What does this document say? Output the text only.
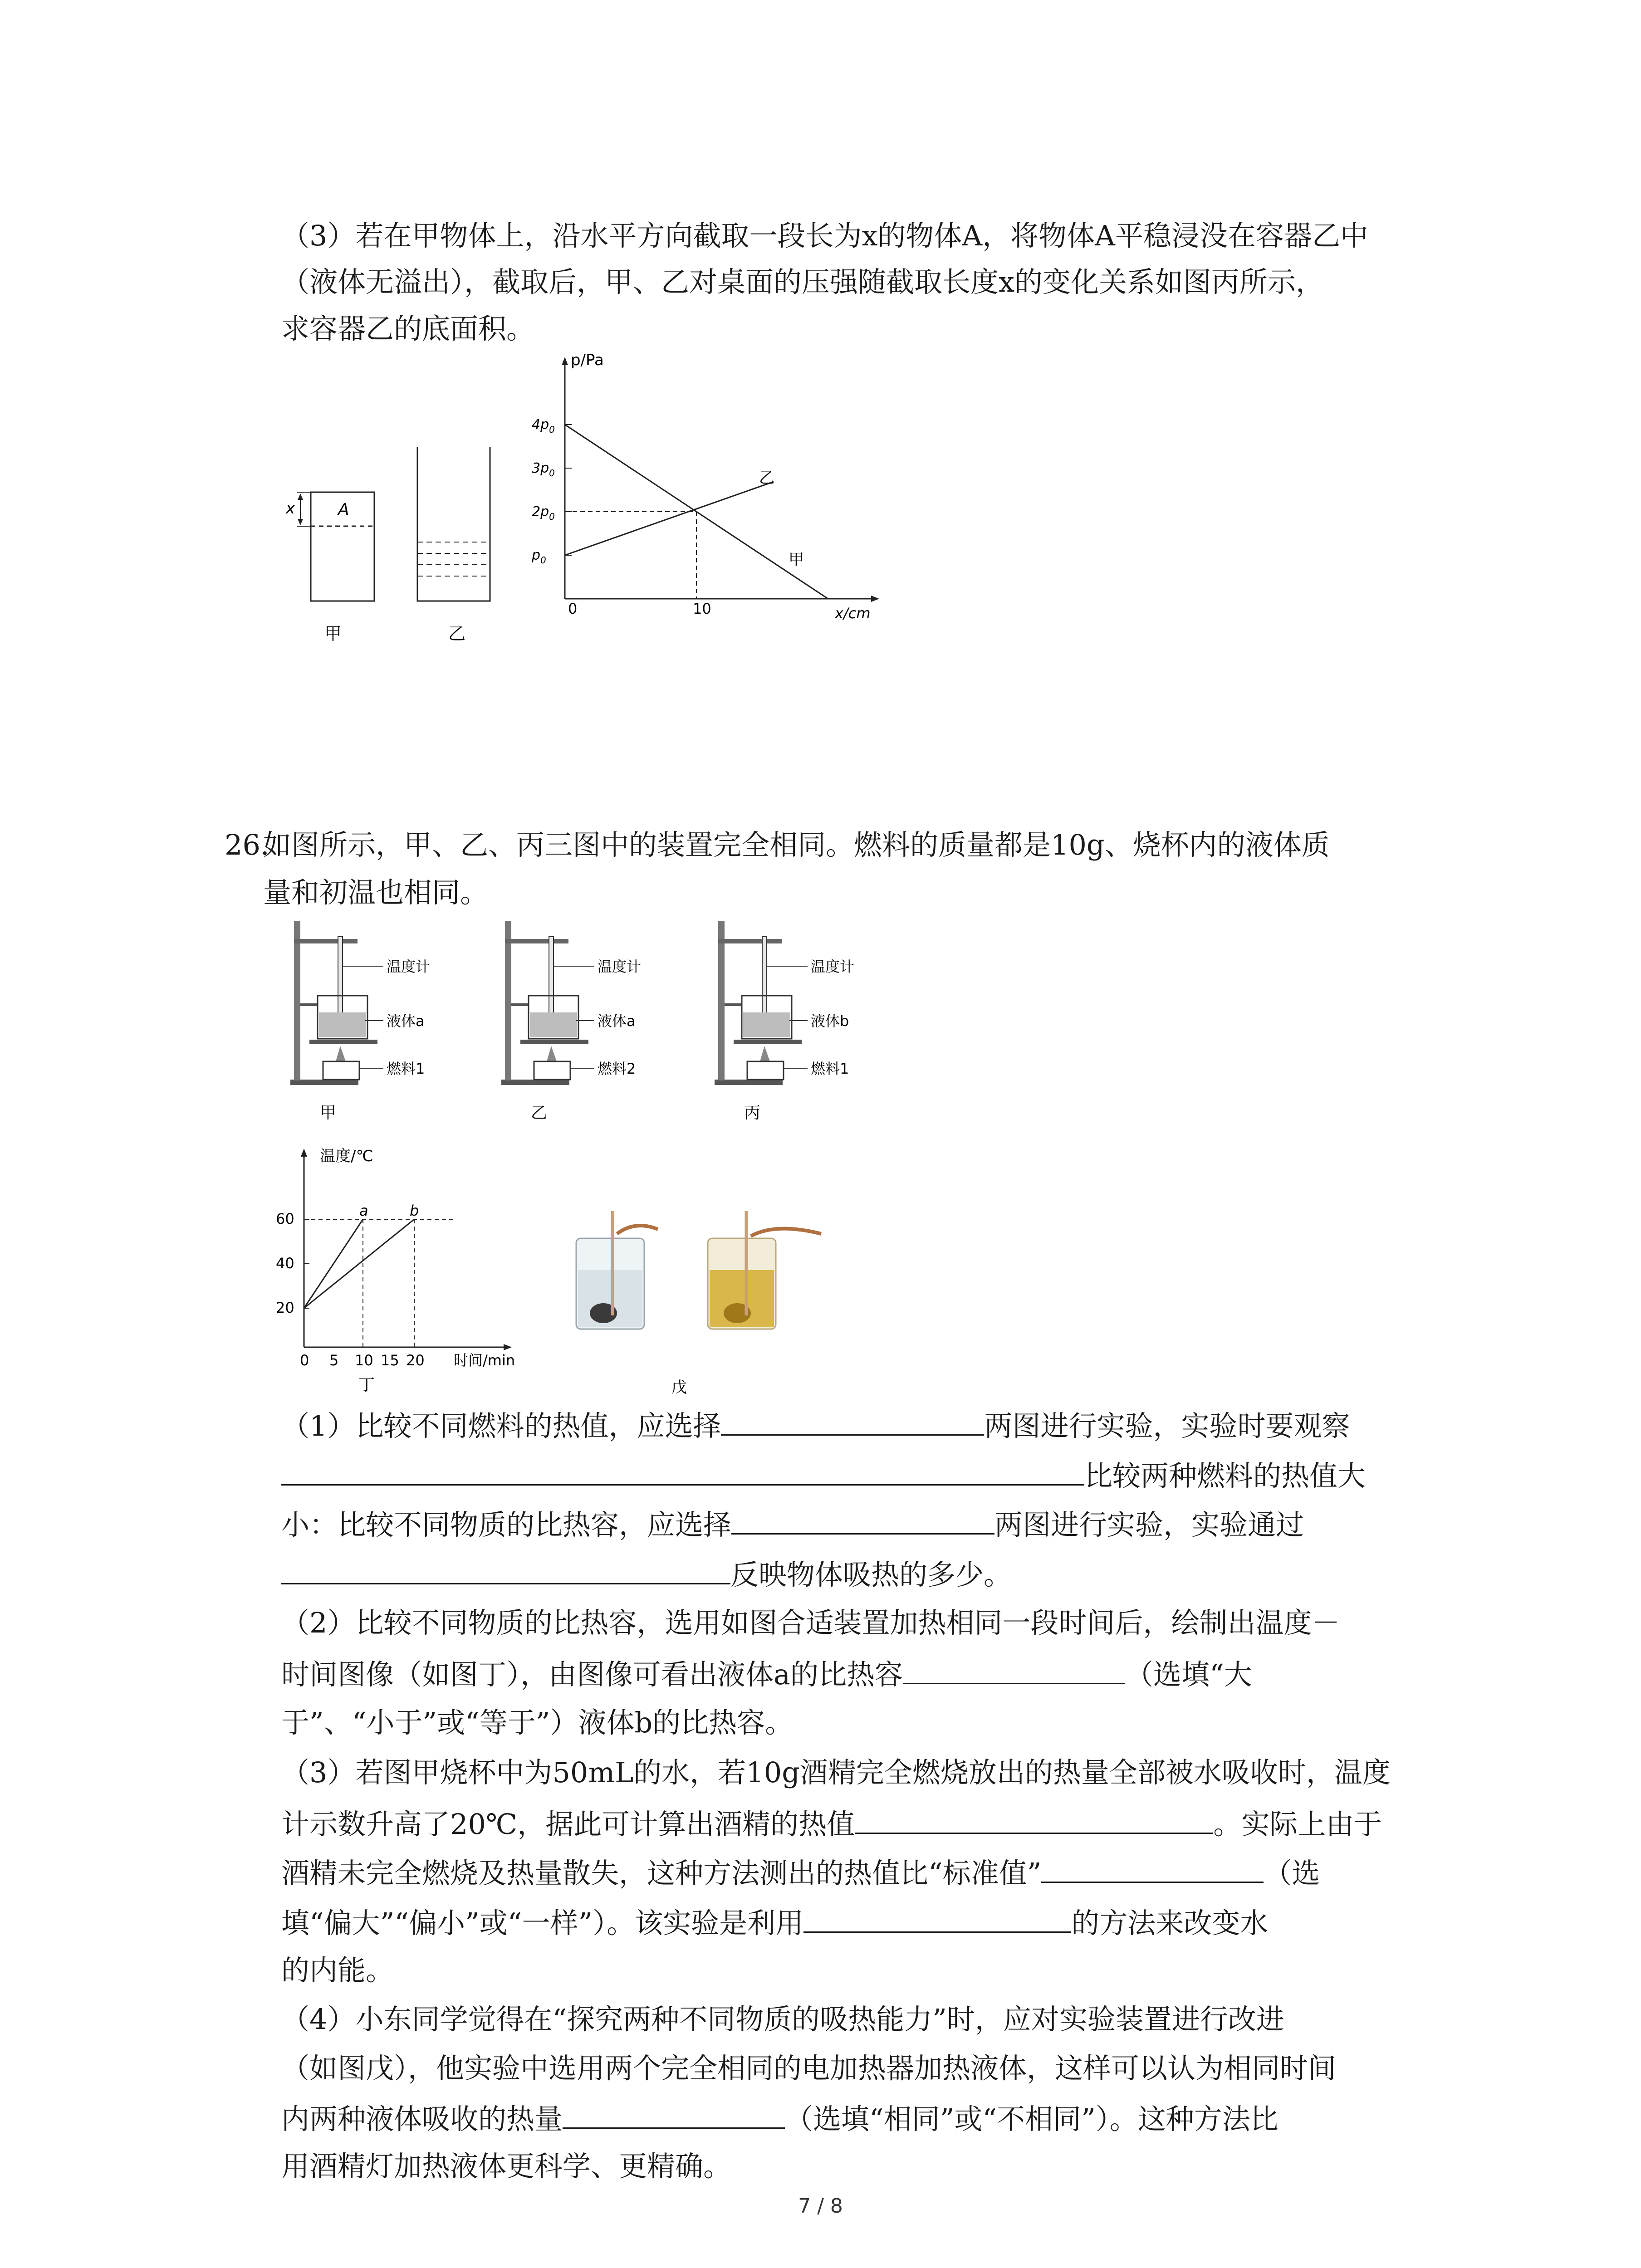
（3）若在甲物体上，沿水平方向截取一段长为x的物体A，将物体A平稳浸没在容器乙中
（液体无溢出），截取后，甲、乙对桌面的压强随截取长度x的变化关系如图丙所示，
求容器乙的底面积。
x	A
甲	乙
p/Pa
x/cm
0	10
$4p_0$
$3p_0$
$2p_0$
$p_0$
乙
甲
26.
如图所示，甲、乙、丙三图中的装置完全相同。燃料的质量都是10g、烧杯内的液体质
量和初温也相同。
温度计
液体a
燃料1
甲
温度计
液体a
燃料2
乙
温度计
液体b
燃料1
丙
温度/℃
时间/min
60
40
20
0 5 10 15 20
a	b
丁	戊
（1）比较不同燃料的热值，应选择	两图进行实验，实验时要观察
比较两种燃料的热值大
小：比较不同物质的比热容，应选择	两图进行实验，实验通过
反映物体吸热的多少。
（2）比较不同物质的比热容，选用如图合适装置加热相同一段时间后，绘制出温度－
时间图像（如图丁），由图像可看出液体a的比热容	（选填“大
于”、“小于”或“等于”）液体b的比热容。
（3）若图甲烧杯中为50mL的水，若10g酒精完全燃烧放出的热量全部被水吸收时，温度
计示数升高了20℃，据此可计算出酒精的热值	。实际上由于
酒精未完全燃烧及热量散失，这种方法测出的热值比“标准值”	（选
填“偏大”“偏小”或“一样”）。该实验是利用	的方法来改变水
的内能。
（4）小东同学觉得在“探究两种不同物质的吸热能力”时，应对实验装置进行改进
（如图戊），他实验中选用两个完全相同的电加热器加热液体，这样可以认为相同时间
内两种液体吸收的热量	（选填“相同”或“不相同”）。这种方法比
用酒精灯加热液体更科学、更精确。
7 / 8
